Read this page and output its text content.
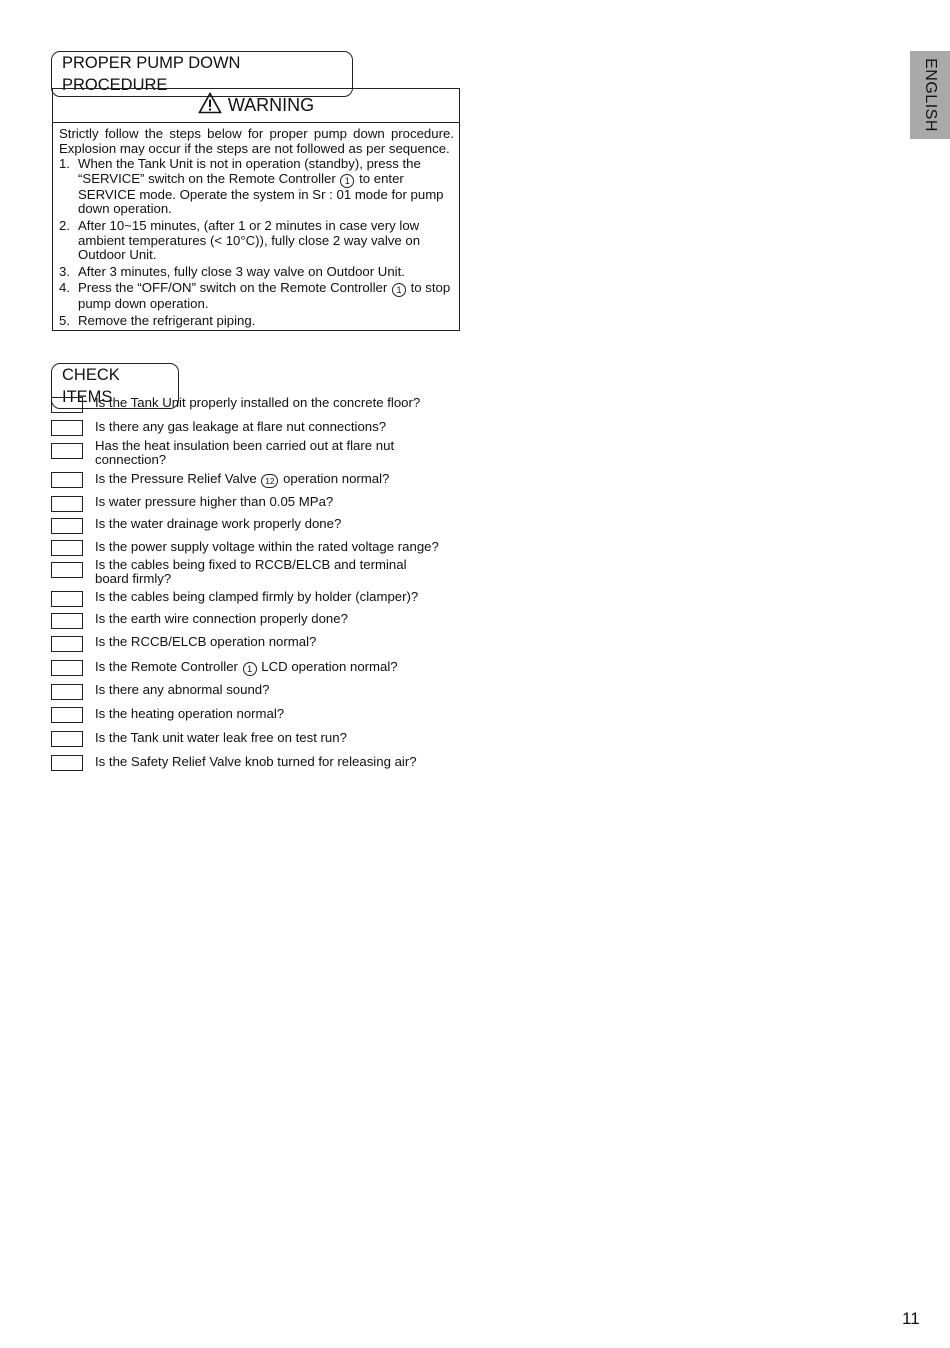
PROPER PUMP DOWN PROCEDURE
WARNING

Strictly follow the steps below for proper pump down procedure. Explosion may occur if the steps are not followed as per sequence.

1. When the Tank Unit is not in operation (standby), press the “SERVICE” switch on the Remote Controller 1 to enter SERVICE mode. Operate the system in Sr : 01 mode for pump down operation.
2. After 10~15 minutes, (after 1 or 2 minutes in case very low ambient temperatures (< 10°C)), fully close 2 way valve on Outdoor Unit.
3. After 3 minutes, fully close 3 way valve on Outdoor Unit.
4. Press the “OFF/ON” switch on the Remote Controller 1 to stop pump down operation.
5. Remove the refrigerant piping.
CHECK ITEMS
Is the Tank Unit properly installed on the concrete floor?
Is there any gas leakage at flare nut connections?
Has the heat insulation been carried out at flare nut connection?
Is the Pressure Relief Valve 12 operation normal?
Is water pressure higher than 0.05 MPa?
Is the water drainage work properly done?
Is the power supply voltage within the rated voltage range?
Is the cables being fixed to RCCB/ELCB and terminal board firmly?
Is the cables being clamped firmly by holder (clamper)?
Is the earth wire connection properly done?
Is the RCCB/ELCB operation normal?
Is the Remote Controller 1 LCD operation normal?
Is there any abnormal sound?
Is the heating operation normal?
Is the Tank unit water leak free on test run?
Is the Safety Relief Valve knob turned for releasing air?
ENGLISH
11
